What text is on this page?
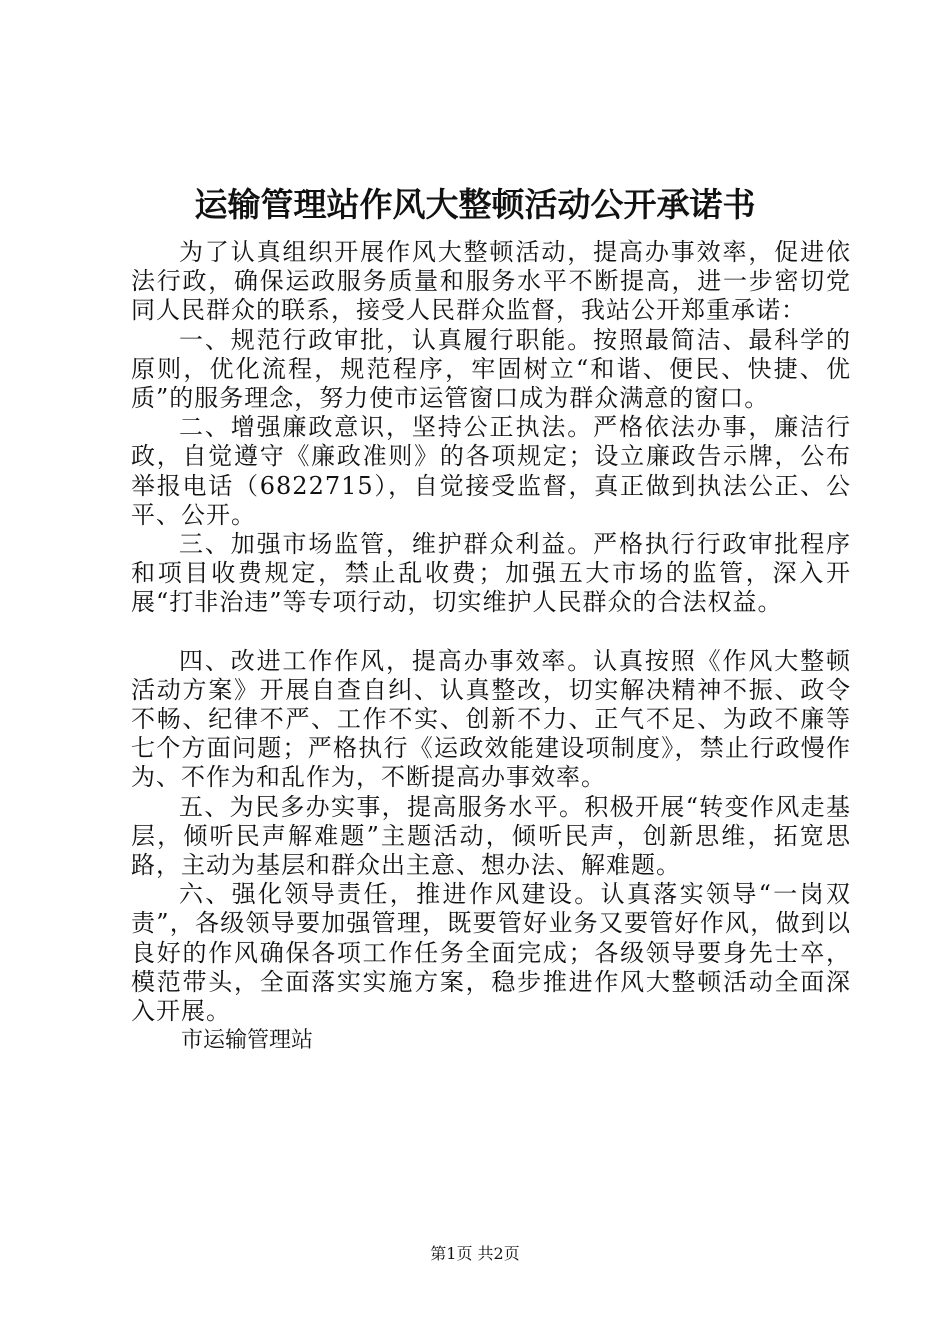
运输管理站作风大整顿活动公开承诺书

为了认真组织开展作风大整顿活动，提高办事效率，促进依法行政，确保运政服务质量和服务水平不断提高，进一步密切党同人民群众的联系，接受人民群众监督，我站公开郑重承诺：

一、规范行政审批，认真履行职能。按照最简洁、最科学的原则，优化流程，规范程序，牢固树立“和谐、便民、快捷、优质”的服务理念，努力使市运管窗口成为群众满意的窗口。

二、增强廉政意识，坚持公正执法。严格依法办事，廉洁行政，自觉遵守《廉政准则》的各项规定；设立廉政告示牌，公布举报电话（6822715），自觉接受监督，真正做到执法公正、公平、公开。

三、加强市场监管，维护群众利益。严格执行行政审批程序和项目收费规定，禁止乱收费；加强五大市场的监管，深入开展“打非治违”等专项行动，切实维护人民群众的合法权益。

四、改进工作作风，提高办事效率。认真按照《作风大整顿活动方案》开展自查自纠、认真整改，切实解决精神不振、政令不畅、纪律不严、工作不实、创新不力、正气不足、为政不廉等七个方面问题；严格执行《运政效能建设项制度》，禁止行政慢作为、不作为和乱作为，不断提高办事效率。

五、为民多办实事，提高服务水平。积极开展“转变作风走基层，倾听民声解难题”主题活动，倾听民声，创新思维，拓宽思路，主动为基层和群众出主意、想办法、解难题。

六、强化领导责任，推进作风建设。认真落实领导“一岗双责”，各级领导要加强管理，既要管好业务又要管好作风，做到以良好的作风确保各项工作任务全面完成；各级领导要身先士卒，模范带头，全面落实实施方案，稳步推进作风大整顿活动全面深入开展。

市运输管理站

第1页 共2页
